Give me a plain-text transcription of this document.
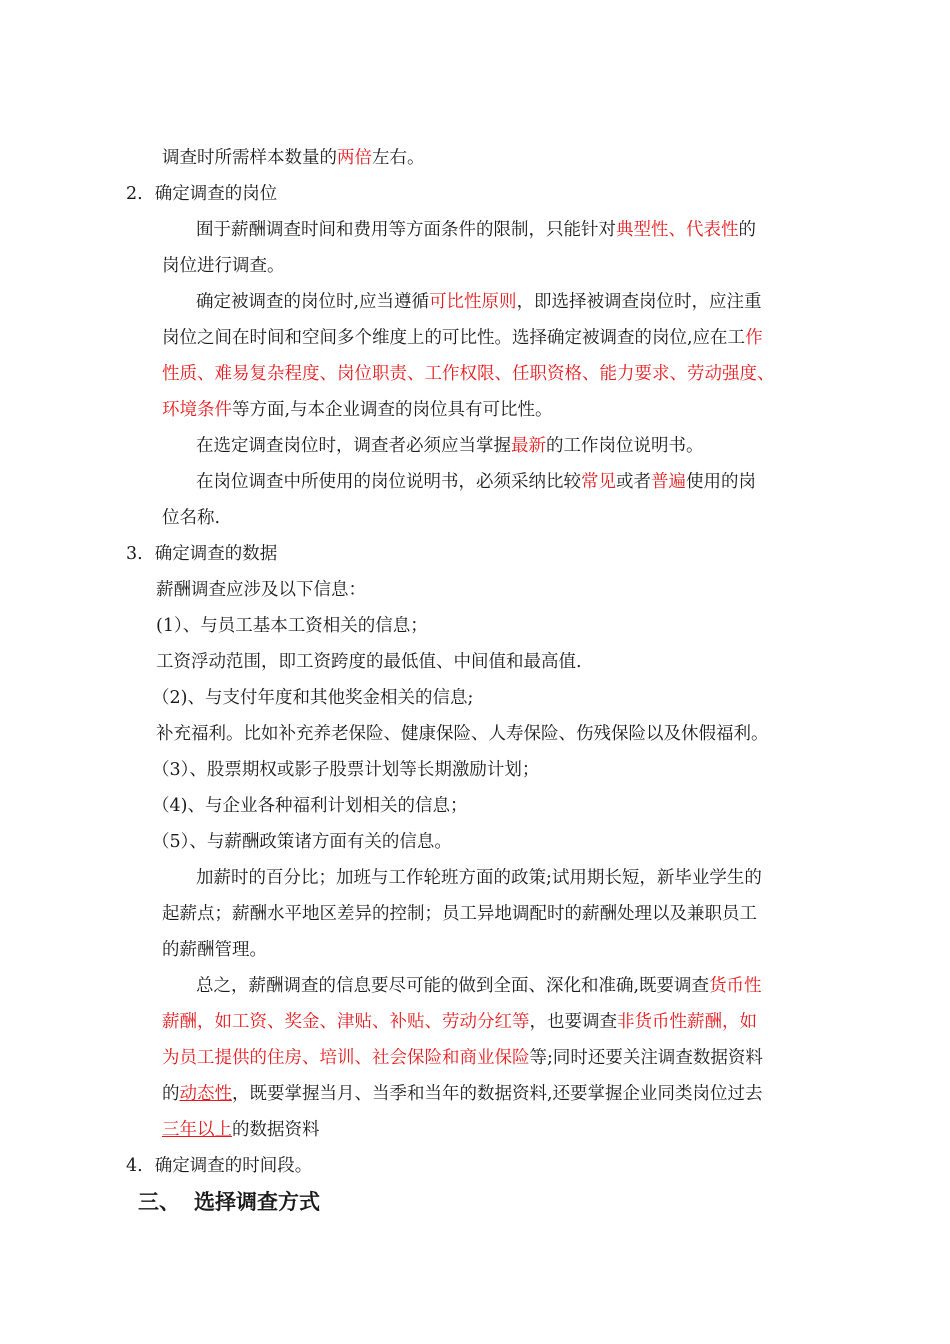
调查时所需样本数量的两倍左右。
2. 确定调查的岗位
囿于薪酬调查时间和费用等方面条件的限制，只能针对典型性、代表性的
岗位进行调查。
确定被调查的岗位时,应当遵循可比性原则，即选择被调查岗位时，应注重
岗位之间在时间和空间多个维度上的可比性。选择确定被调查的岗位,应在工作
性质、难易复杂程度、岗位职责、工作权限、任职资格、能力要求、劳动强度、
环境条件等方面,与本企业调查的岗位具有可比性。
在选定调查岗位时，调查者必须应当掌握最新的工作岗位说明书。
在岗位调查中所使用的岗位说明书，必须采纳比较常见或者普遍使用的岗
位名称.
3. 确定调查的数据
薪酬调查应涉及以下信息：
(1）、与员工基本工资相关的信息；
工资浮动范围，即工资跨度的最低值、中间值和最高值.
（2)、与支付年度和其他奖金相关的信息;
补充福利。比如补充养老保险、健康保险、人寿保险、伤残保险以及休假福利。
（3）、股票期权或影子股票计划等长期激励计划；
（4)、与企业各种福利计划相关的信息；
（5）、与薪酬政策诸方面有关的信息。
加薪时的百分比；加班与工作轮班方面的政策;试用期长短，新毕业学生的
起薪点；薪酬水平地区差异的控制；员工异地调配时的薪酬处理以及兼职员工
的薪酬管理。
总之，薪酬调查的信息要尽可能的做到全面、深化和准确,既要调查货币性
薪酬，如工资、奖金、津贴、补贴、劳动分红等，也要调查非货币性薪酬，如
为员工提供的住房、培训、社会保险和商业保险等;同时还要关注调查数据资料
的动态性，既要掌握当月、当季和当年的数据资料,还要掌握企业同类岗位过去
三年以上的数据资料
4. 确定调查的时间段。
三、 选择调查方式
